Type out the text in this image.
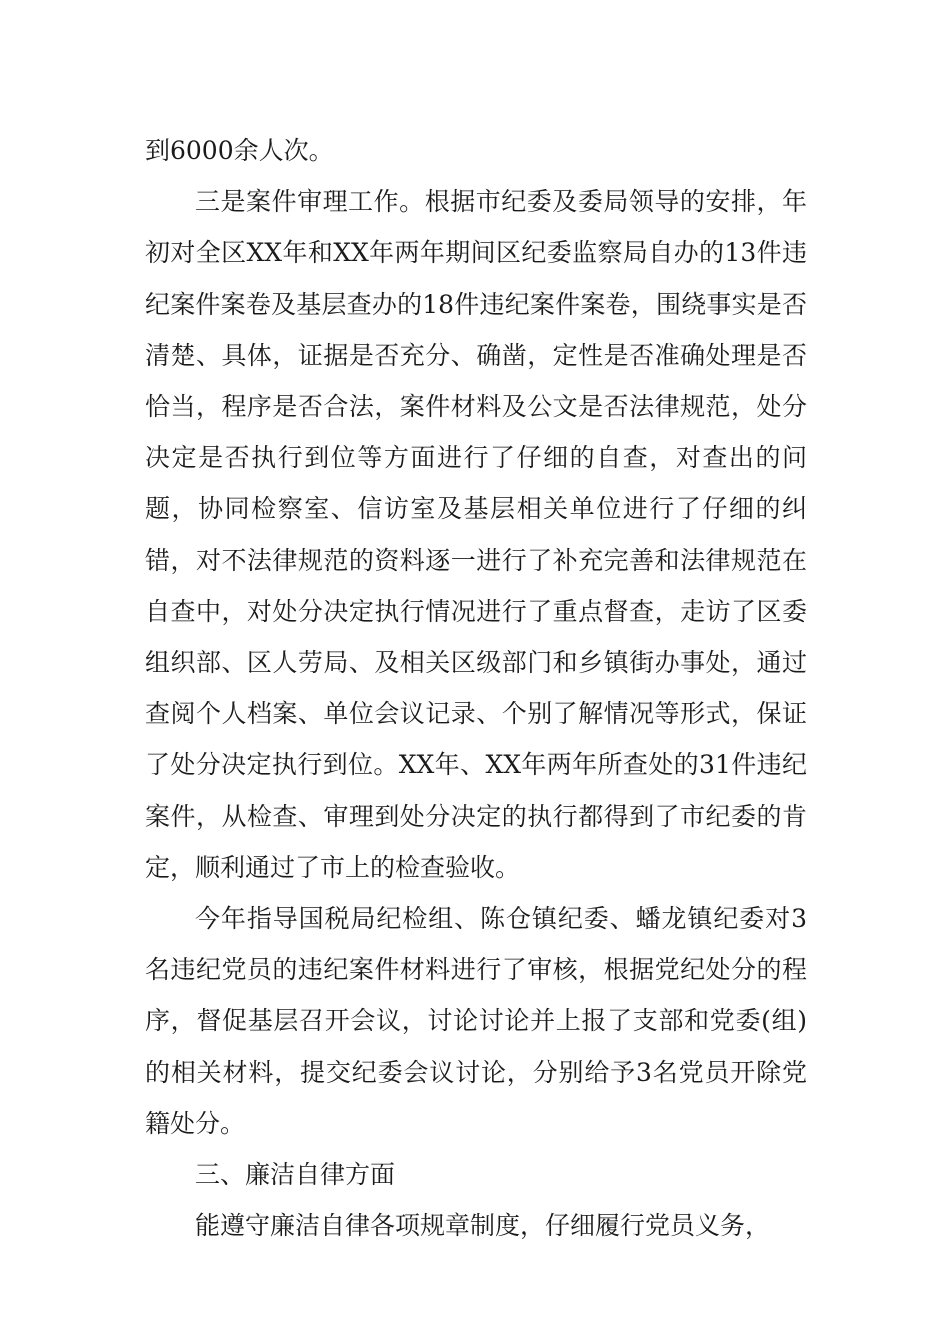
到6000余人次。

三是案件审理工作。根据市纪委及委局领导的安排，年初对全区XX年和XX年两年期间区纪委监察局自办的13件违纪案件案卷及基层查办的18件违纪案件案卷，围绕事实是否清楚、具体，证据是否充分、确凿，定性是否准确处理是否恰当，程序是否合法，案件材料及公文是否法律规范，处分决定是否执行到位等方面进行了仔细的自查，对查出的问题，协同检察室、信访室及基层相关单位进行了仔细的纠错，对不法律规范的资料逐一进行了补充完善和法律规范在自查中，对处分决定执行情况进行了重点督查，走访了区委组织部、区人劳局、及相关区级部门和乡镇街办事处，通过查阅个人档案、单位会议记录、个别了解情况等形式，保证了处分决定执行到位。XX年、XX年两年所查处的31件违纪案件，从检查、审理到处分决定的执行都得到了市纪委的肯定，顺利通过了市上的检查验收。

今年指导国税局纪检组、陈仓镇纪委、蟠龙镇纪委对3名违纪党员的违纪案件材料进行了审核，根据党纪处分的程序，督促基层召开会议，讨论讨论并上报了支部和党委(组)的相关材料，提交纪委会议讨论，分别给予3名党员开除党籍处分。

三、廉洁自律方面

能遵守廉洁自律各项规章制度，仔细履行党员义务，
